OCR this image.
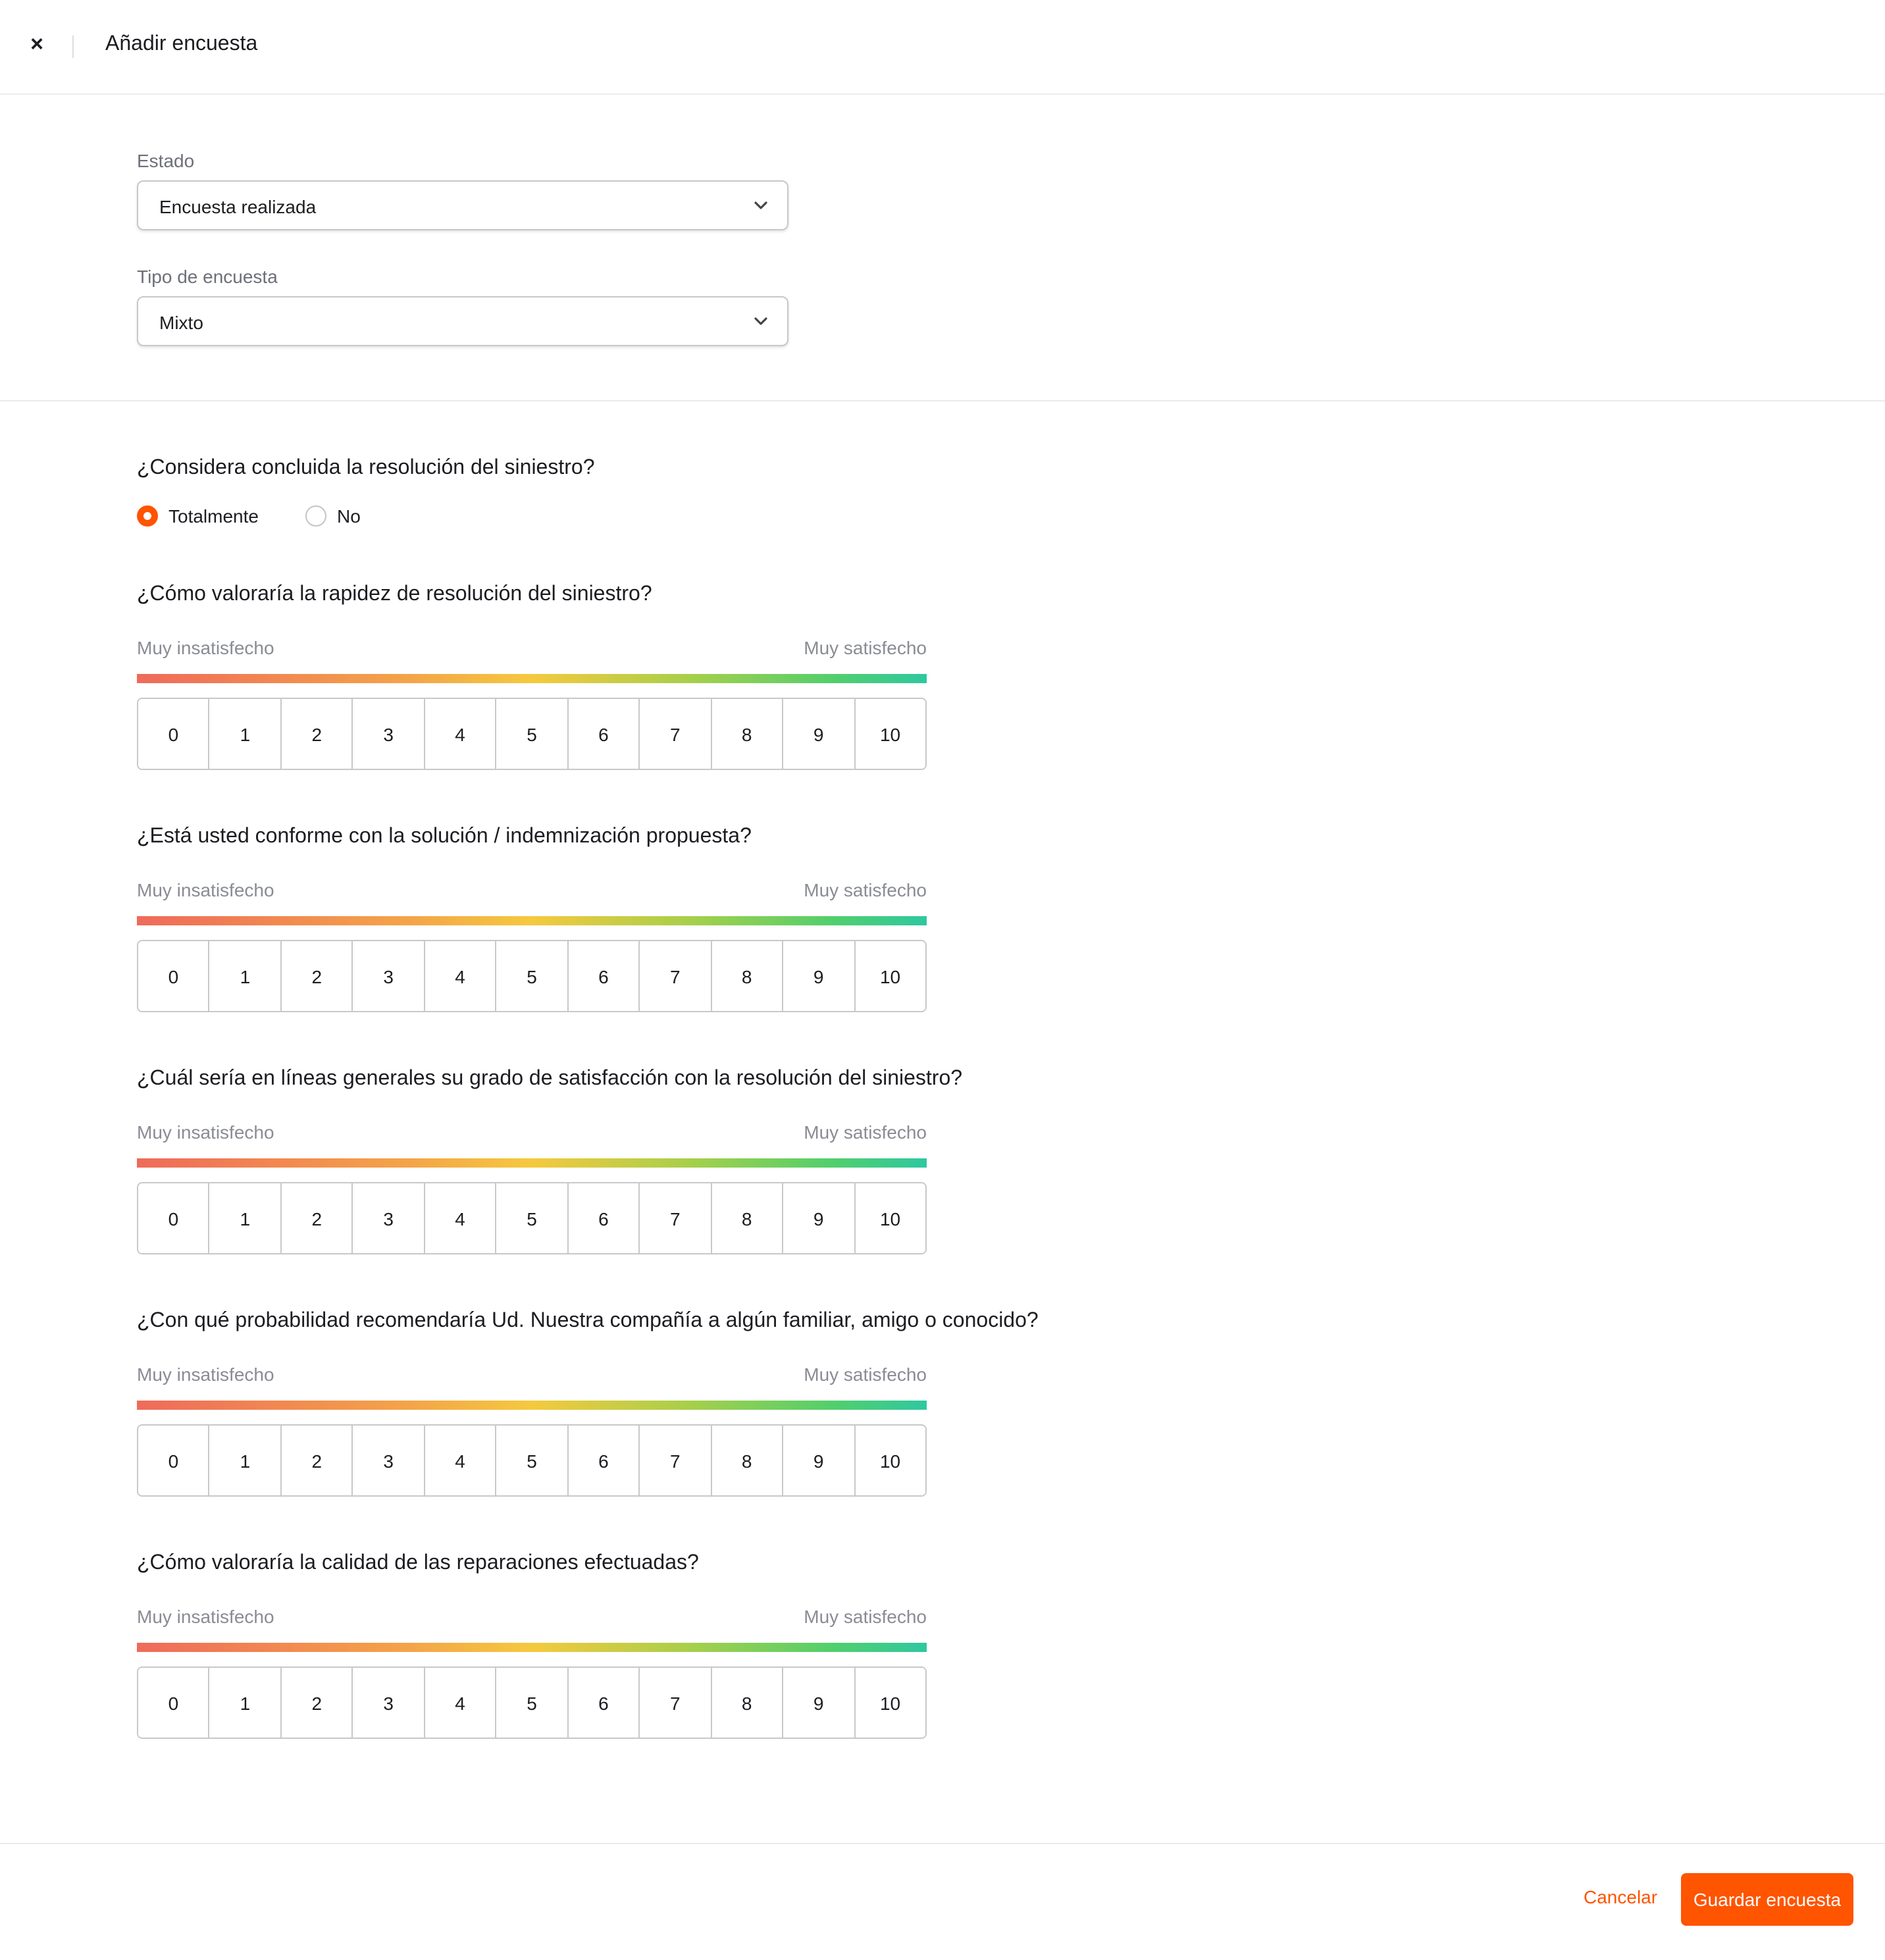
×	Añadir encuesta
Estado
Encuesta realizada
Tipo de encuesta
Mixto
¿Considera concluida la resolución del siniestro?
Totalmente	No
¿Cómo valoraría la rapidez de resolución del siniestro?
Muy insatisfecho	Muy satisfecho
0	1	2	3	4	5	6	7	8	9	10
¿Está usted conforme con la solución / indemnización propuesta?
Muy insatisfecho	Muy satisfecho
0	1	2	3	4	5	6	7	8	9	10
¿Cuál sería en líneas generales su grado de satisfacción con la resolución del siniestro?
Muy insatisfecho	Muy satisfecho
0	1	2	3	4	5	6	7	8	9	10
¿Con qué probabilidad recomendaría Ud. Nuestra compañía a algún familiar, amigo o conocido?
Muy insatisfecho	Muy satisfecho
0	1	2	3	4	5	6	7	8	9	10
¿Cómo valoraría la calidad de las reparaciones efectuadas?
Muy insatisfecho	Muy satisfecho
0	1	2	3	4	5	6	7	8	9	10
Cancelar	Guardar encuesta
